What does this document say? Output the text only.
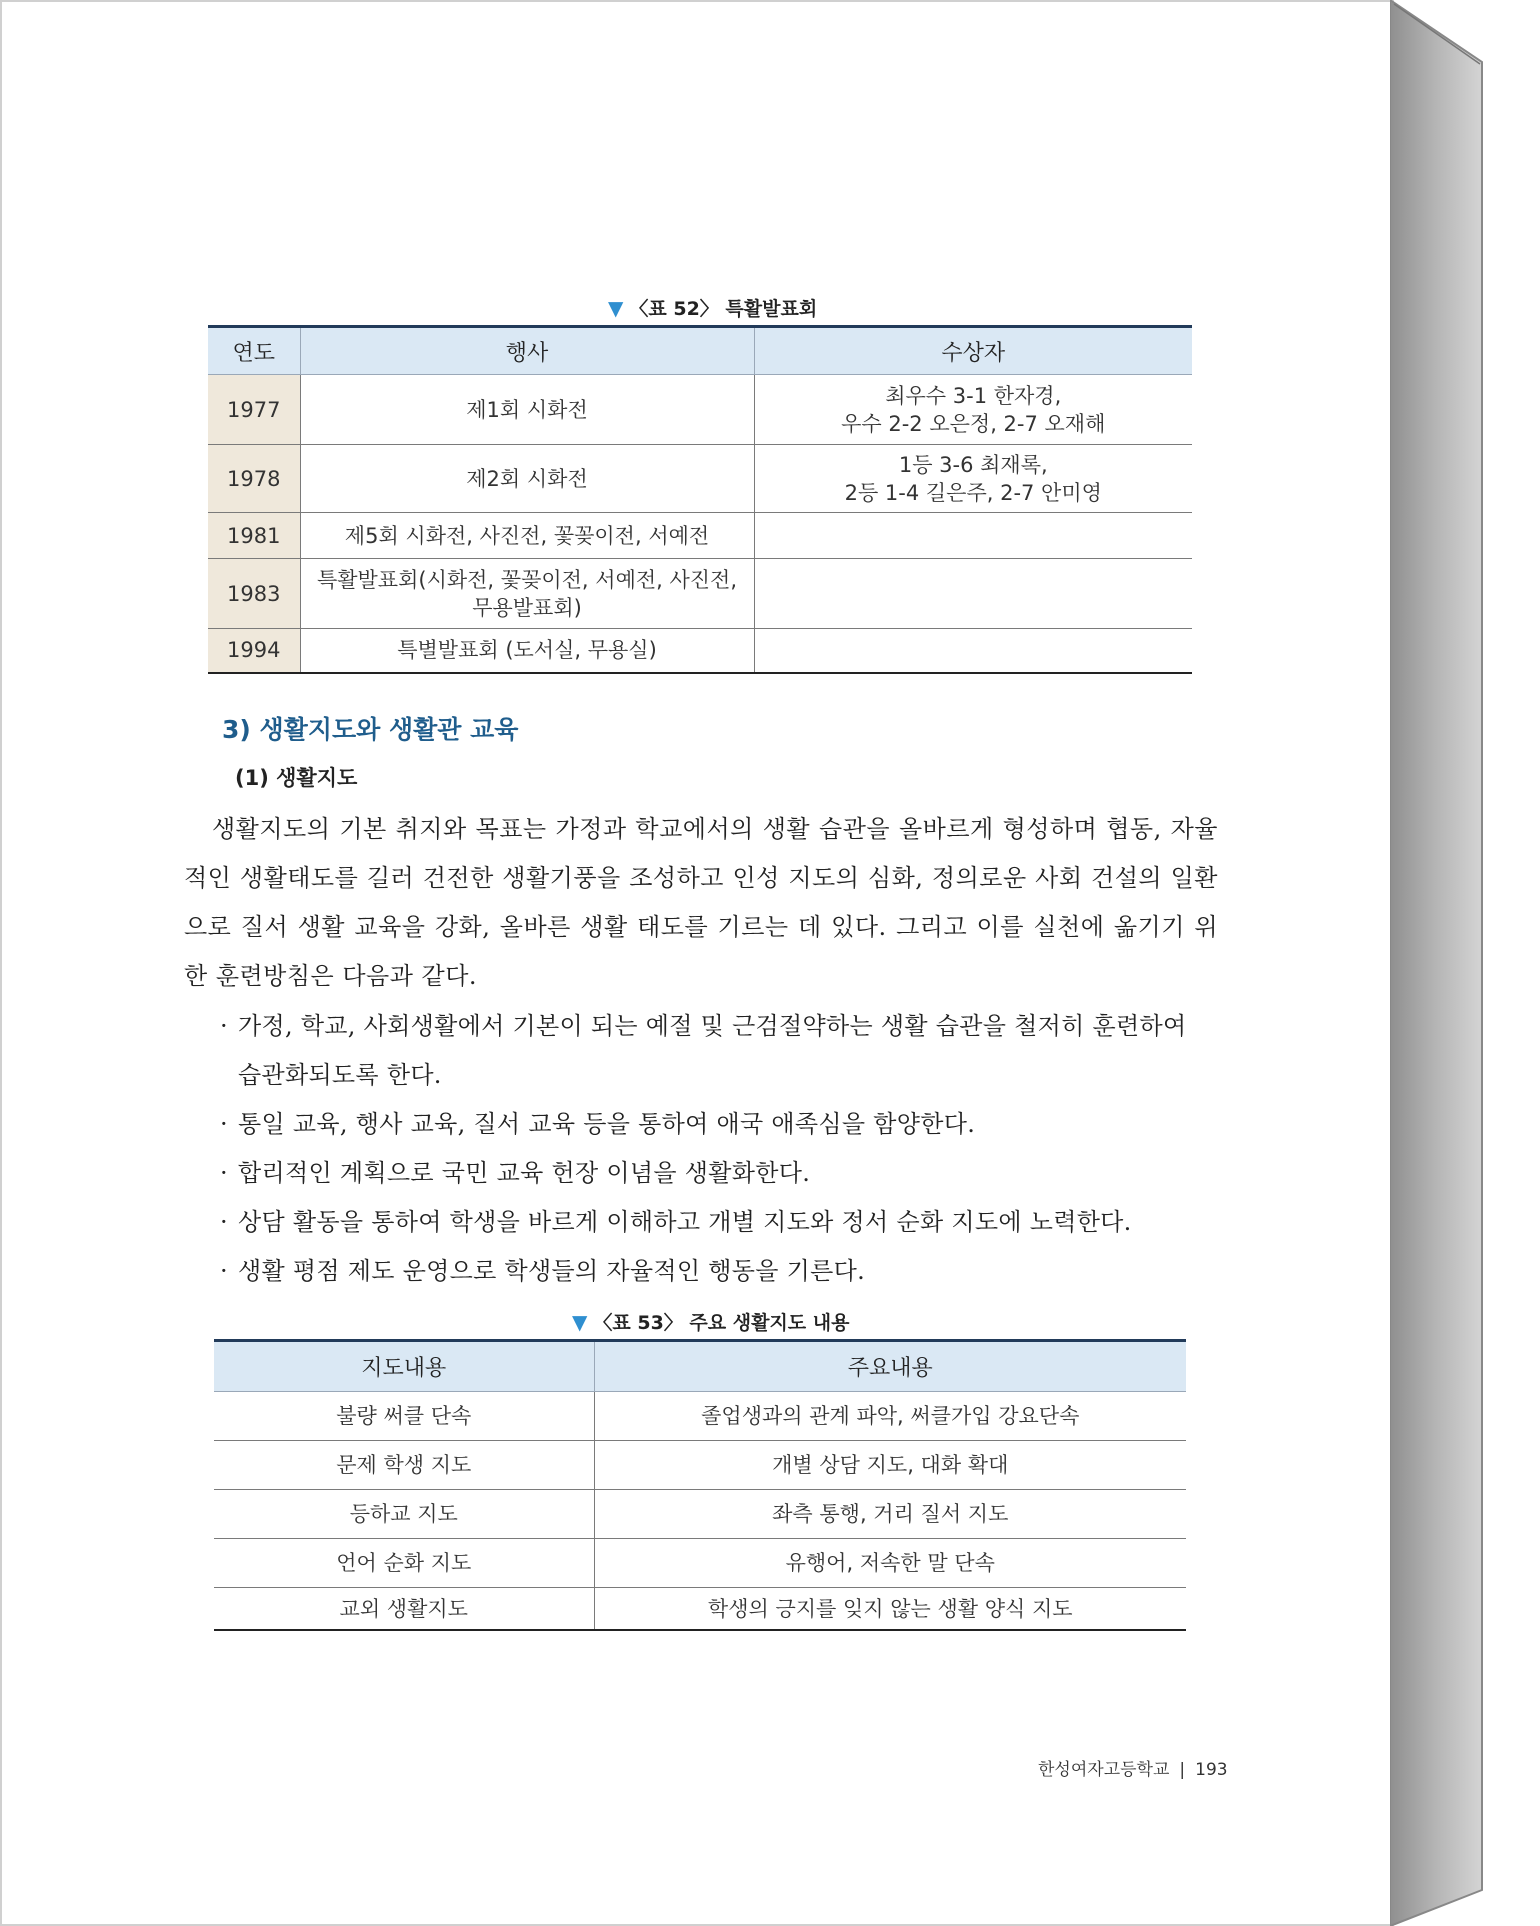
▼ 〈표 52〉 특활발표회
연도	행사	수상자
1977	제1회 시화전	최우수 3-1 한자경,
우수 2-2 오은정, 2-7 오재해

1978	제2회 시화전	1등 3-6 최재록,
2등 1-4 길은주, 2-7 안미영

1981	제5회 시화전, 사진전, 꽃꽂이전, 서예전	
1983	특활발표회(시화전, 꽃꽂이전, 서예전, 사진전,
무용발표회)	

1994	특별발표회 (도서실, 무용실)	
3) 생활지도와 생활관 교육
(1) 생활지도
생활지도의 기본 취지와 목표는 가정과 학교에서의 생활 습관을 올바르게 형성하며 협동, 자율적인 생활태도를 길러 건전한 생활기풍을 조성하고 인성 지도의 심화, 정의로운 사회 건설의 일환으로 질서 생활 교육을 강화, 올바른 생활 태도를 기르는 데 있다. 그리고 이를 실천에 옮기기 위한 훈련방침은 다음과 같다.
· 가정, 학교, 사회생활에서 기본이 되는 예절 및 근검절약하는 생활 습관을 철저히 훈련하여 습관화되도록 한다.
· 통일 교육, 행사 교육, 질서 교육 등을 통하여 애국 애족심을 함양한다.
· 합리적인 계획으로 국민 교육 헌장 이념을 생활화한다.
· 상담 활동을 통하여 학생을 바르게 이해하고 개별 지도와 정서 순화 지도에 노력한다.
· 생활 평점 제도 운영으로 학생들의 자율적인 행동을 기른다.
▼ 〈표 53〉 주요 생활지도 내용
지도내용	주요내용
불량 써클 단속	졸업생과의 관계 파악, 써클가입 강요단속
문제 학생 지도	개별 상담 지도, 대화 확대
등하교 지도	좌측 통행, 거리 질서 지도
언어 순화 지도	유행어, 저속한 말 단속
교외 생활지도	학생의 긍지를 잊지 않는 생활 양식 지도
한성여자고등학교 | 193
